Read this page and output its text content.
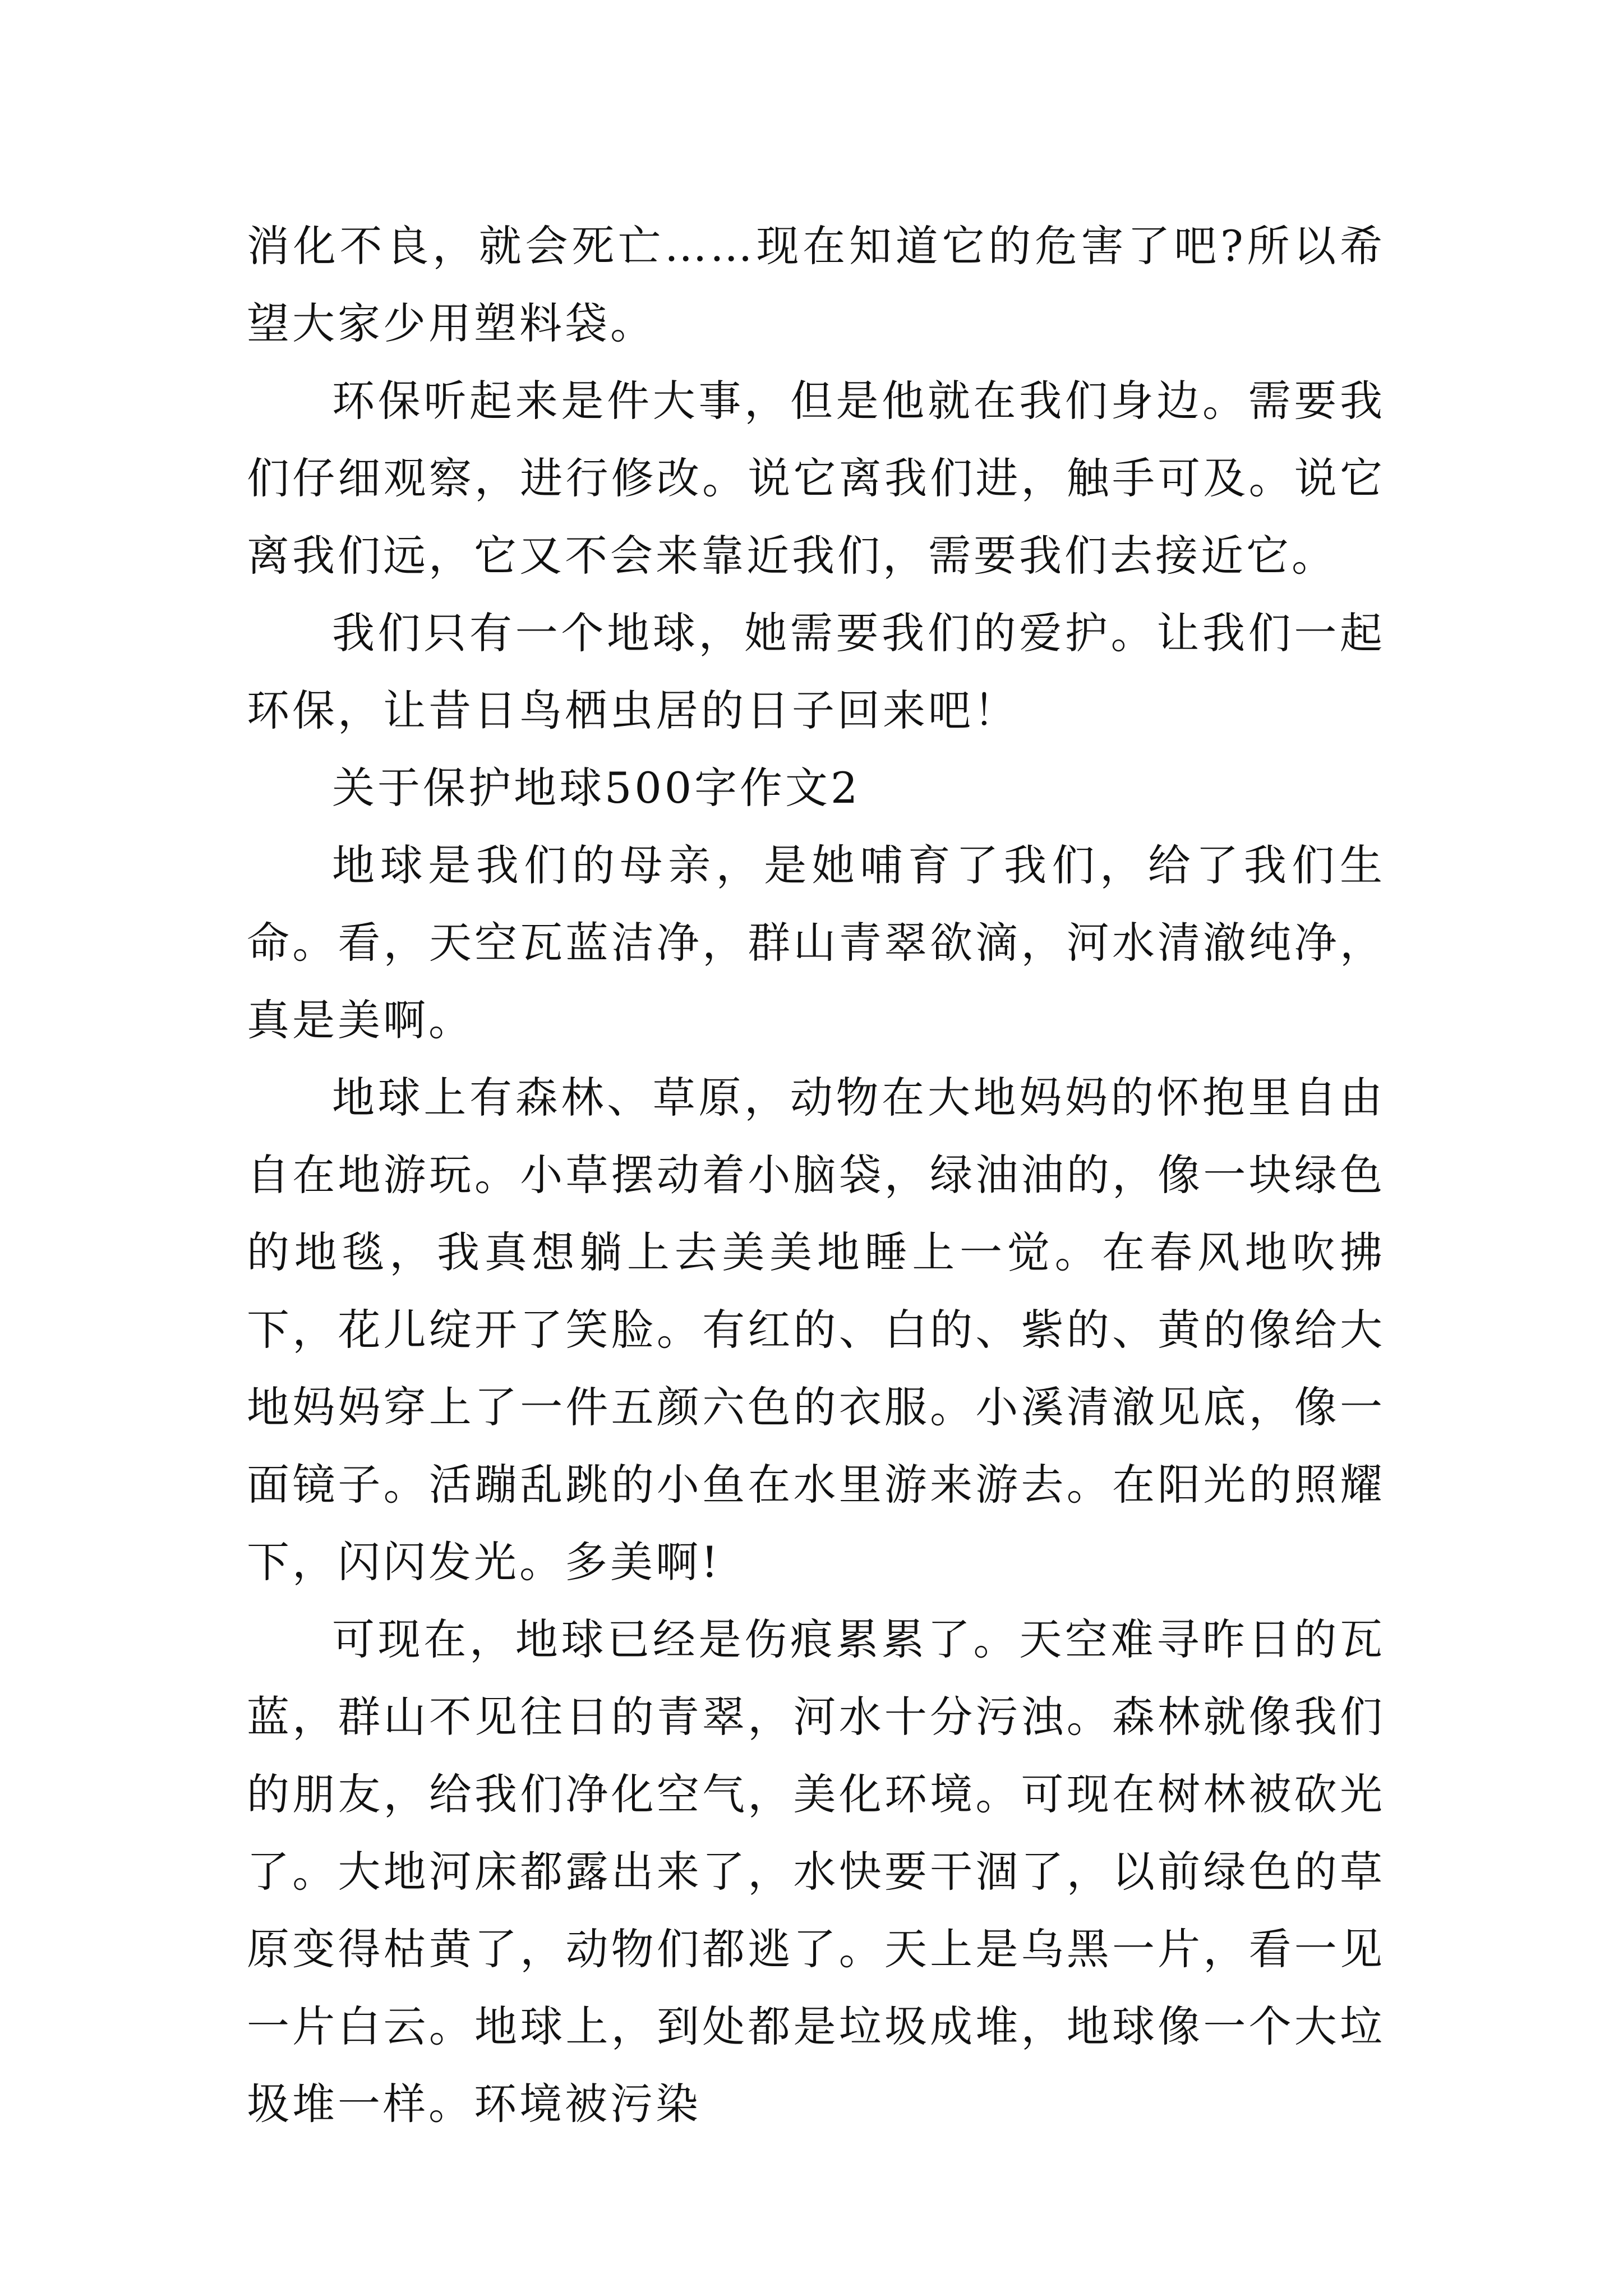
消化不良，就会死亡……现在知道它的危害了吧?所以希望大家少用塑料袋。

环保听起来是件大事，但是他就在我们身边。需要我们仔细观察，进行修改。说它离我们进，触手可及。说它离我们远，它又不会来靠近我们，需要我们去接近它。

我们只有一个地球，她需要我们的爱护。让我们一起环保，让昔日鸟栖虫居的日子回来吧！

关于保护地球500字作文2

地球是我们的母亲，是她哺育了我们，给了我们生命。看，天空瓦蓝洁净，群山青翠欲滴，河水清澈纯净，真是美啊。

地球上有森林、草原，动物在大地妈妈的怀抱里自由自在地游玩。小草摆动着小脑袋，绿油油的，像一块绿色的地毯，我真想躺上去美美地睡上一觉。在春风地吹拂下，花儿绽开了笑脸。有红的、白的、紫的、黄的像给大地妈妈穿上了一件五颜六色的衣服。小溪清澈见底，像一面镜子。活蹦乱跳的小鱼在水里游来游去。在阳光的照耀下，闪闪发光。多美啊!

可现在，地球已经是伤痕累累了。天空难寻昨日的瓦蓝，群山不见往日的青翠，河水十分污浊。森林就像我们的朋友，给我们净化空气，美化环境。可现在树林被砍光了。大地河床都露出来了，水快要干涸了，以前绿色的草原变得枯黄了，动物们都逃了。天上是乌黑一片，看一见一片白云。地球上，到处都是垃圾成堆，地球像一个大垃圾堆一样。环境被污染
